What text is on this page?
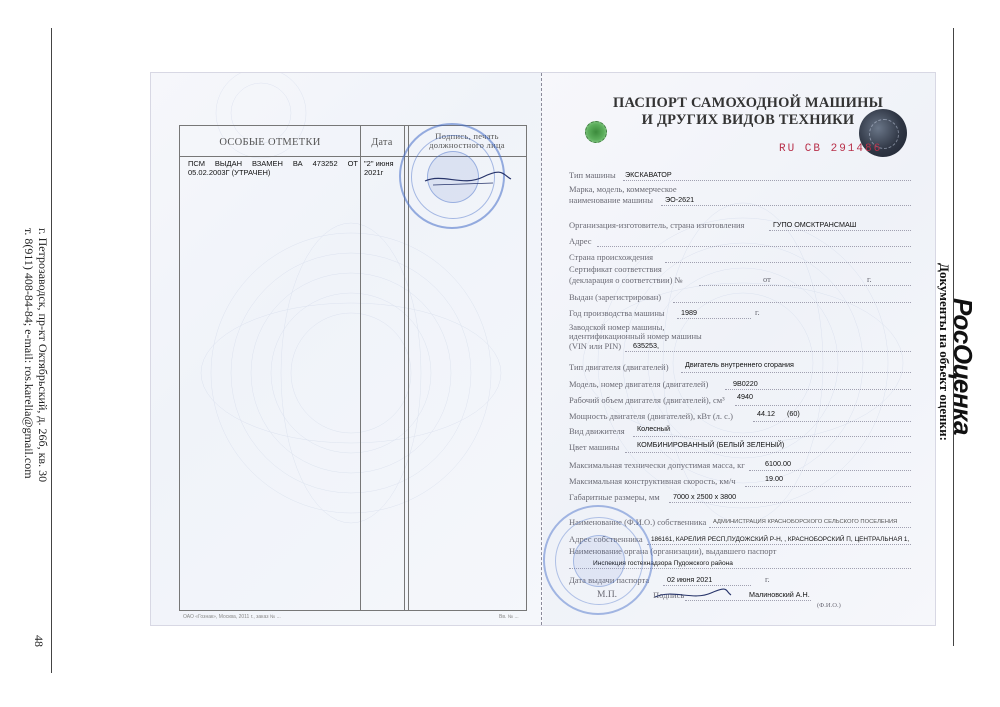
г. Петрозаводск, пр-кт Октябрьский, д. 26б, кв. 30
т. 8(911) 408-84-84; e-mail: ros.karelia@gmail.com
48
РосОценка
Документы на объект оценки:
ОСОБЫЕ ОТМЕТКИ	Дата
Подпись, печать должностного лица
ПСМ ВЫДАН ВЗАМЕН ВА 473252 ОТ
05.02.2003Г (УТРАЧЕН)
"2" июня
2021г
ОАО «Гознак», Москва, 2011 г., заказ № ...	Вв. № ...
ПАСПОРТ САМОХОДНОЙ МАШИНЫ
И ДРУГИХ ВИДОВ ТЕХНИКИ
RU CB 291486
Тип машины ЭКСКАВАТОР
Марка, модель, коммерческое
наименование машины ЭО-2621
Организация-изготовитель, страна изготовления	ГУПО ОМСКТРАНСМАШ
Адрес
Страна происхождения
Сертификат соответствия
(декларация о соответствии) №	от	г.
Выдан (зарегистрирован)
Год производства машины 1989	г.
Заводской номер машины,
идентификационный номер машины
(VIN или PIN) 635253,
Тип двигателя (двигателей) Двигатель внутреннего сгорания
Модель, номер двигателя (двигателей)	9В0220
Рабочий объем двигателя (двигателей), см³ 4940
Мощность двигателя (двигателей), кВт (л. с.)	44.12 (60)
Вид движителя Колесный
Цвет машины КОМБИНИРОВАННЫЙ (БЕЛЫЙ ЗЕЛЕНЫЙ)
Максимальная технически допустимая масса, кг	6100.00
Максимальная конструктивная скорость, км/ч	19.00
Габаритные размеры, мм 7000 х 2500 х 3800
Наименование (Ф.И.О.) собственника АДМИНИСТРАЦИЯ КРАСНОБОРСКОГО СЕЛЬСКОГО ПОСЕЛЕНИЯ
Адрес собственника 186161, КАРЕЛИЯ РЕСП,ПУДОЖСКИЙ Р-Н, , КРАСНОБОРСКИЙ П, ЦЕНТРАЛЬНАЯ 1,
Наименование органа (организации), выдавшего паспорт
Инспекция гостехнадзора Пудожского района
Дата выдачи паспорта 02 июня 2021	г.
М.П.	Подпись	Малиновский А.Н.
(Ф.И.О.)
